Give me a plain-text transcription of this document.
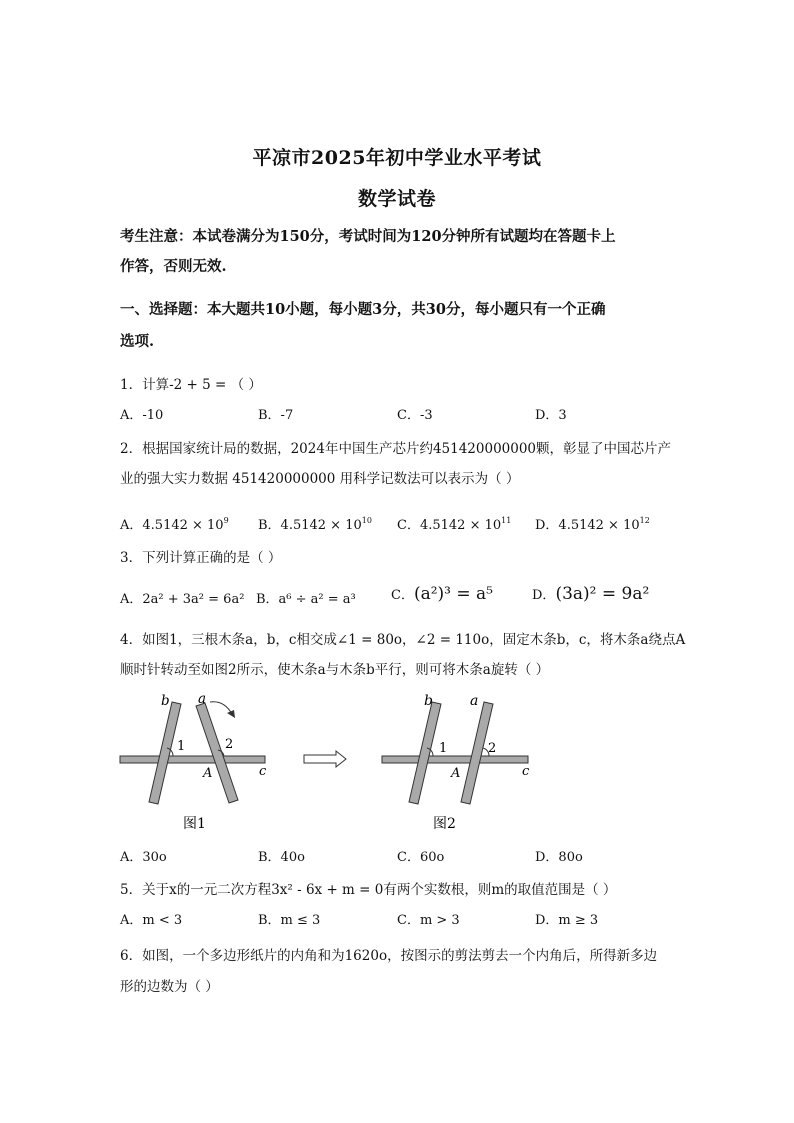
平凉市2025年初中学业水平考试
数学试卷
考生注意：本试卷满分为150分，考试时间为120分钟所有试题均在答题卡上
作答，否则无效.
一、选择题：本大题共10小题，每小题3分，共30分，每小题只有一个正确
选项.
1．计算-2 + 5 = （ ）
A．-10	B．-7	C．-3	D．3
2．根据国家统计局的数据，2024年中国生产芯片约451420000000颗，彰显了中国芯片产
业的强大实力数据 451420000000 用科学记数法可以表示为（ ）
A．$4.5142 \times 10^9$ B．$4.5142 \times 10^{10}$ C．$4.5142 \times 10^{11}$ D．$4.5142 \times 10^{12}$
3．下列计算正确的是（ ）
A．2a² + 3a² = 6a² B．a⁶ ÷ a² = a³	C．(a²)³ = a⁵	D．(3a)² = 9a²
4．如图1，三根木条a，b，c相交成∠1 = 80o，∠2 = 110o，固定木条b，c，将木条a绕点A
顺时针转动至如图2所示，使木条a与木条b平行，则可将木条a旋转（ ）
b a
1	2
A	c
图1
b	a
1	2
A	c
图2
A．30o	B．40o	C．60o	D．80o
5．关于x的一元二次方程3x² - 6x + m = 0有两个实数根，则m的取值范围是（ ）
A．m < 3	B．m ≤ 3	C．m > 3	D．m ≥ 3
6．如图，一个多边形纸片的内角和为1620o，按图示的剪法剪去一个内角后，所得新多边
形的边数为（ ）
